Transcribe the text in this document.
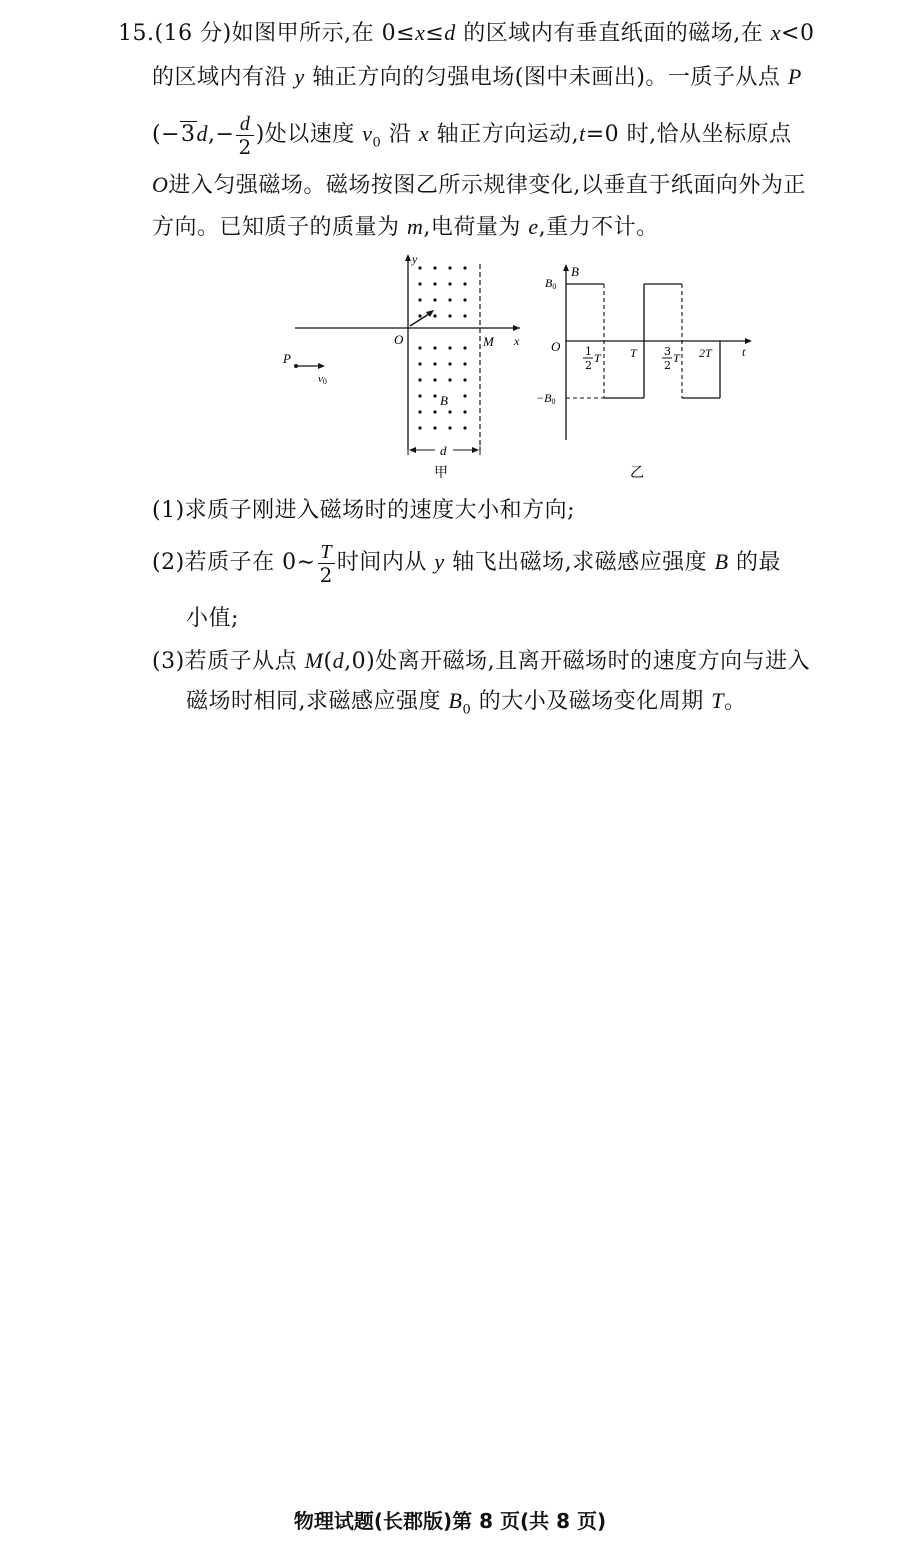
15.(16 分)如图甲所示,在 0≤x≤d 的区域内有垂直纸面的磁场,在 x<0
的区域内有沿 y 轴正方向的匀强电场(图中未画出)。一质子从点 P
($-3d,- \frac{d}{2}$ )处以速度 $v_0$ 沿 x 轴正方向运动,t=0 时,恰从坐标原点
O进入匀强磁场。磁场按图乙所示规律变化,以垂直于纸面向外为正
方向。已知质子的质量为 m,电荷量为 e,重力不计。
y
x
O	M
P
v0
B
d
甲
B
B0
−B0
O	t
1
2
T T 3
2
T 2T
乙
(1)求质子刚进入磁场时的速度大小和方向;
(2)若质子在 0∼ $\frac{T}{2}$ 时间内从 y 轴飞出磁场,求磁感应强度 B 的最
小值;
(3)若质子从点 M(d,0)处离开磁场,且离开磁场时的速度方向与进入
磁场时相同,求磁感应强度 $B_0$ 的大小及磁场变化周期 T。
物理试题(长郡版)第 8 页(共 8 页)
